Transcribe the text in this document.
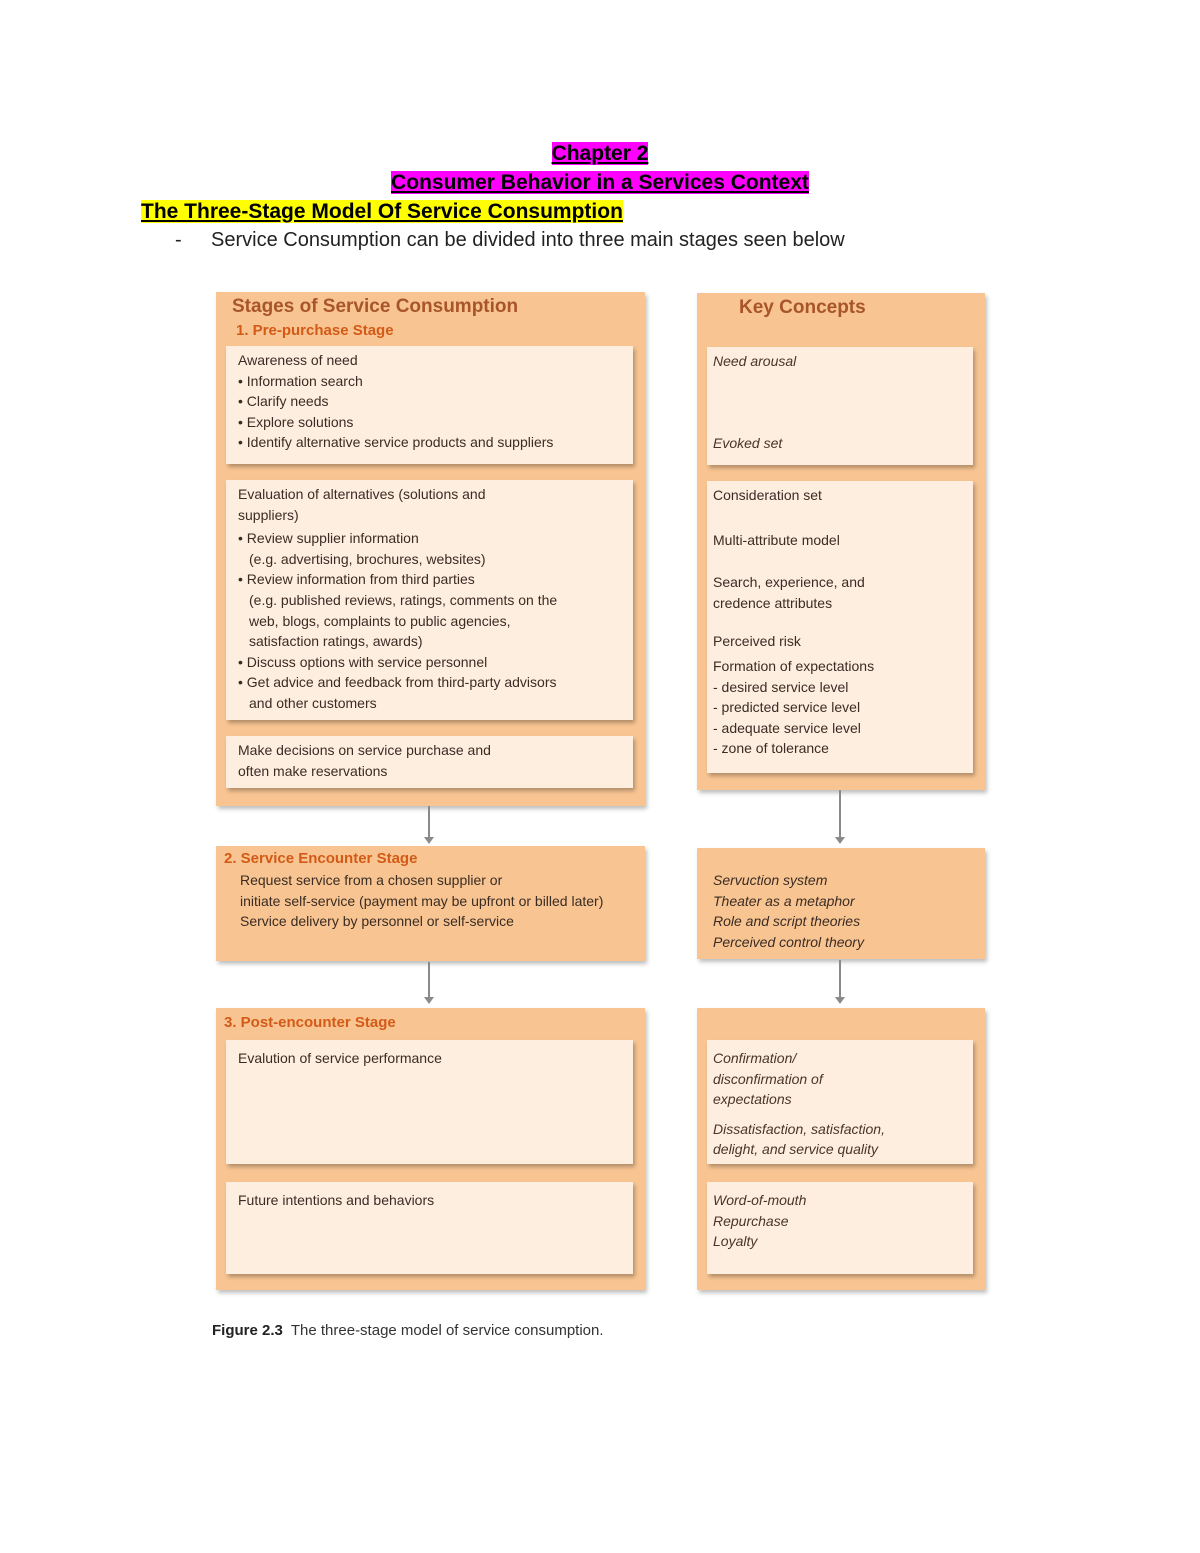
Chapter 2
Consumer Behavior in a Services Context
The Three-Stage Model Of Service Consumption
- Service Consumption can be divided into three main stages seen below
Stages of Service Consumption
1. Pre-purchase Stage
Awareness of need
• Information search
• Clarify needs
• Explore solutions
• Identify alternative service products and suppliers
Evaluation of alternatives (solutions and
suppliers)
• Review supplier information
(e.g. advertising, brochures, websites)
• Review information from third parties
(e.g. published reviews, ratings, comments on the
web, blogs, complaints to public agencies,
satisfaction ratings, awards)
• Discuss options with service personnel
• Get advice and feedback from third-party advisors
and other customers
Make decisions on service purchase and
often make reservations
2. Service Encounter Stage
Request service from a chosen supplier or
initiate self-service (payment may be upfront or billed later)
Service delivery by personnel or self-service
3. Post-encounter Stage
Evalution of service performance
Future intentions and behaviors
Key Concepts
Need arousal
Evoked set
Consideration set
Multi-attribute model
Search, experience, and
credence attributes
Perceived risk
Formation of expectations
- desired service level
- predicted service level
- adequate service level
- zone of tolerance
Servuction system
Theater as a metaphor
Role and script theories
Perceived control theory
Confirmation/
disconfirmation of
expectations
Dissatisfaction, satisfaction,
delight, and service quality
Word-of-mouth
Repurchase
Loyalty
Figure 2.3 The three-stage model of service consumption.
